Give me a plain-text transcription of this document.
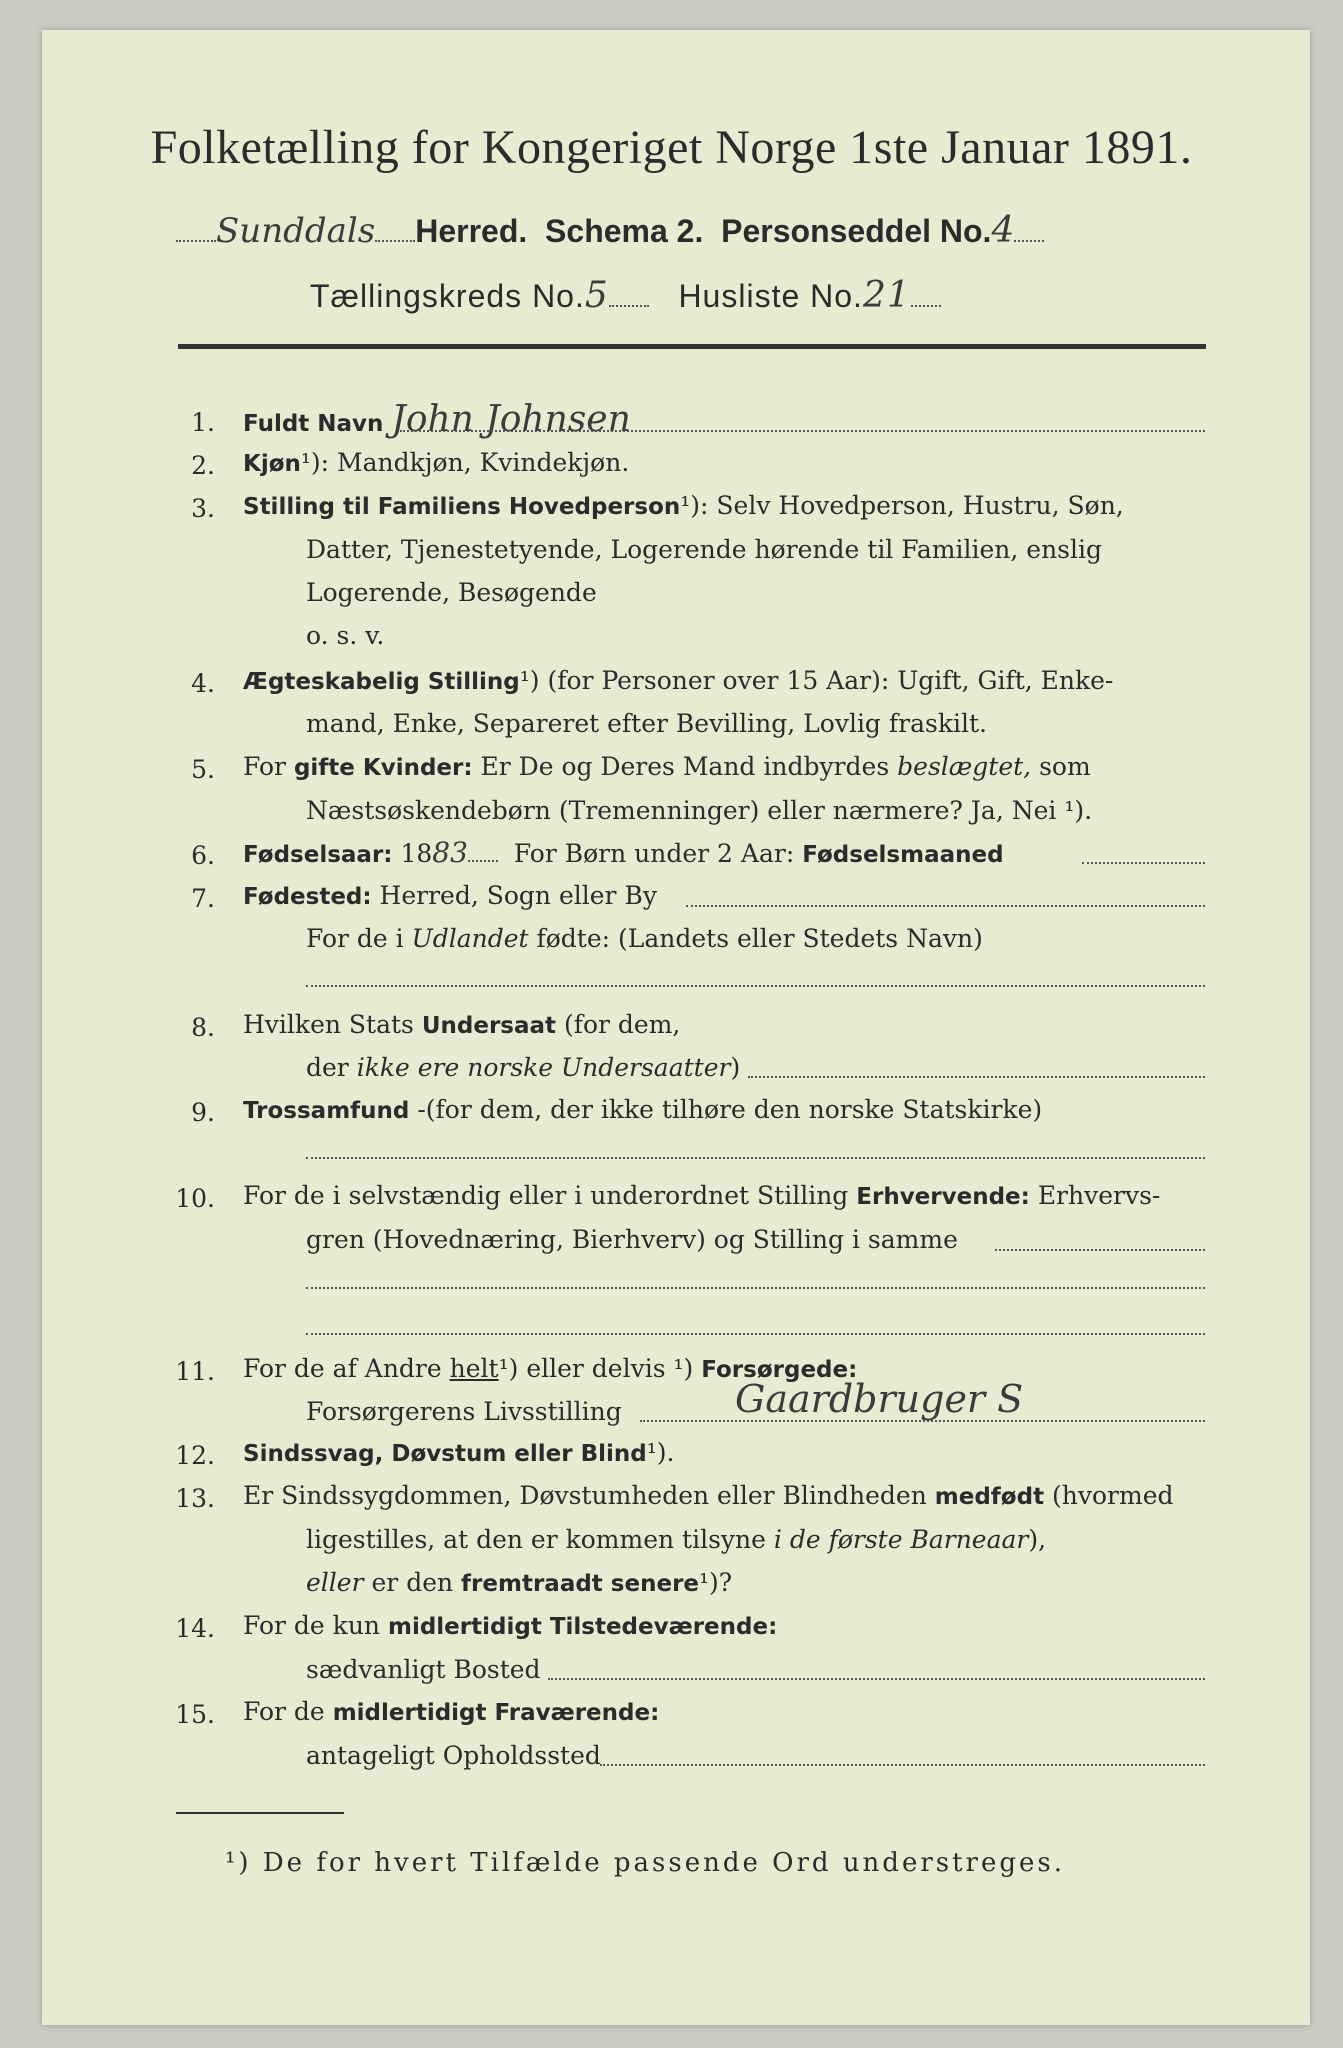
Folketælling for Kongeriget Norge 1ste Januar 1891.
Sunddals Herred. Schema 2. Personseddel No.4
Tællingskreds No.5 Husliste No.21
1. Fuldt Navn John Johnsen
2. Kjøn¹): Mandkjøn, Kvindekjøn.
3. Stilling til Familiens Hovedperson¹): Selv Hovedperson, Hustru, Søn,
Datter, Tjenestetyende, Logerende hørende til Familien, enslig
Logerende, Besøgende
o. s. v.
4. Ægteskabelig Stilling¹) (for Personer over 15 Aar): Ugift, Gift, Enke-
mand, Enke, Separeret efter Bevilling, Lovlig fraskilt.
5. For gifte Kvinder: Er De og Deres Mand indbyrdes beslægtet, som
Næstsøskendebørn (Tremenninger) eller nærmere? Ja, Nei ¹).
6. Fødselsaar: 1883 For Børn under 2 Aar: Fødselsmaaned
7. Fødested: Herred, Sogn eller By
For de i Udlandet fødte: (Landets eller Stedets Navn)
8. Hvilken Stats Undersaat (for dem,
der ikke ere norske Undersaatter)
9. Trossamfund -(for dem, der ikke tilhøre den norske Statskirke)
10. For de i selvstændig eller i underordnet Stilling Erhvervende: Erhvervs-
gren (Hovednæring, Bierhverv) og Stilling i samme
11. For de af Andre helt¹) eller delvis ¹) Forsørgede:
Forsørgerens Livsstilling	Gaardbruger S
12. Sindssvag, Døvstum eller Blind¹).
13. Er Sindssygdommen, Døvstumheden eller Blindheden medfødt (hvormed
ligestilles, at den er kommen tilsyne i de første Barneaar),
eller er den fremtraadt senere¹)?
14. For de kun midlertidigt Tilstedeværende:
sædvanligt Bosted
15. For de midlertidigt Fraværende:
antageligt Opholdssted
¹) De for hvert Tilfælde passende Ord understreges.
